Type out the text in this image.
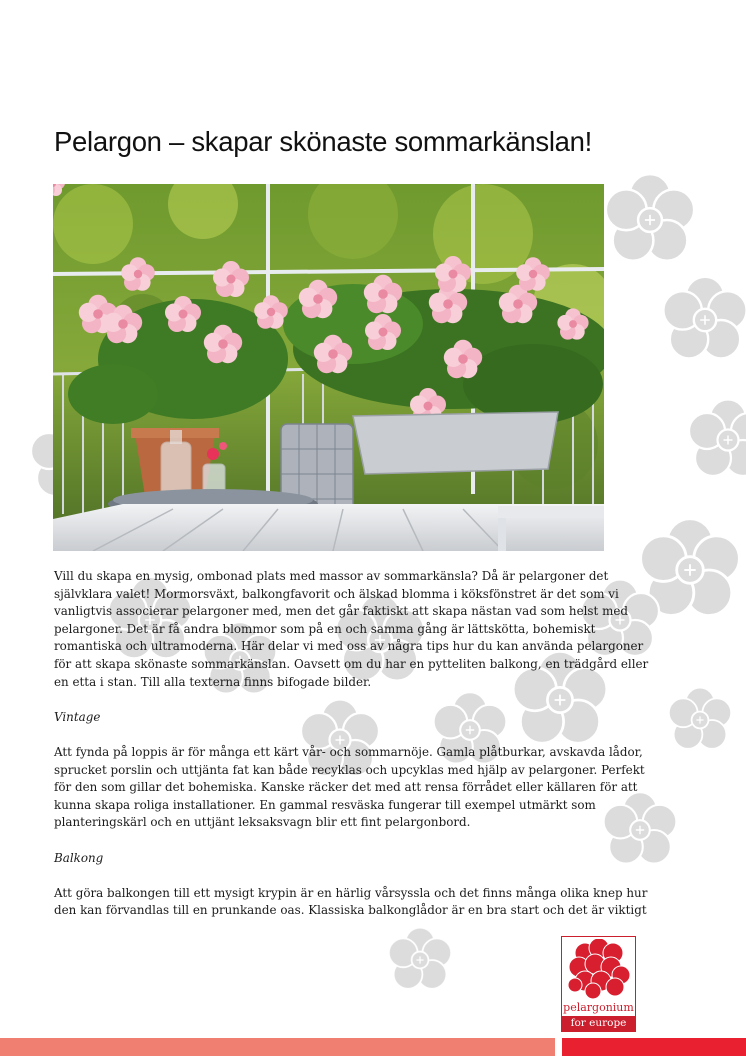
Pelargon – skapar skönaste sommarkänslan!

Vill du skapa en mysig, ombonad plats med massor av sommarkänsla? Då är pelargoner det

självklara valet! Mormorsväxt, balkongfavorit och älskad blomma i köksfönstret är det som vi

vanligtvis associerar pelargoner med, men det går faktiskt att skapa nästan vad som helst med

pelargoner. Det är få andra blommor som på en och samma gång är lättskötta, bohemiskt

romantiska och ultramoderna. Här delar vi med oss av några tips hur du kan använda pelargoner

för att skapa skönaste sommarkänslan. Oavsett om du har en pytteliten balkong, en trädgård eller

en etta i stan. Till alla texterna finns bifogade bilder.

Vintage

Att fynda på loppis är för många ett kärt vår- och sommarnöje. Gamla plåtburkar, avskavda lådor,

sprucket porslin och uttjänta fat kan både recyklas och upcyklas med hjälp av pelargoner. Perfekt

för den som gillar det bohemiska. Kanske räcker det med att rensa förrådet eller källaren för att

kunna skapa roliga installationer. En gammal resväska fungerar till exempel utmärkt som

planteringskärl och en uttjänt leksaksvagn blir ett fint pelargonbord.

Balkong

Att göra balkongen till ett mysigt krypin är en härlig vårsyssla och det finns många olika knep hur

den kan förvandlas till en prunkande oas. Klassiska balkonglådor är en bra start och det är viktigt

pelargonium
for europe
